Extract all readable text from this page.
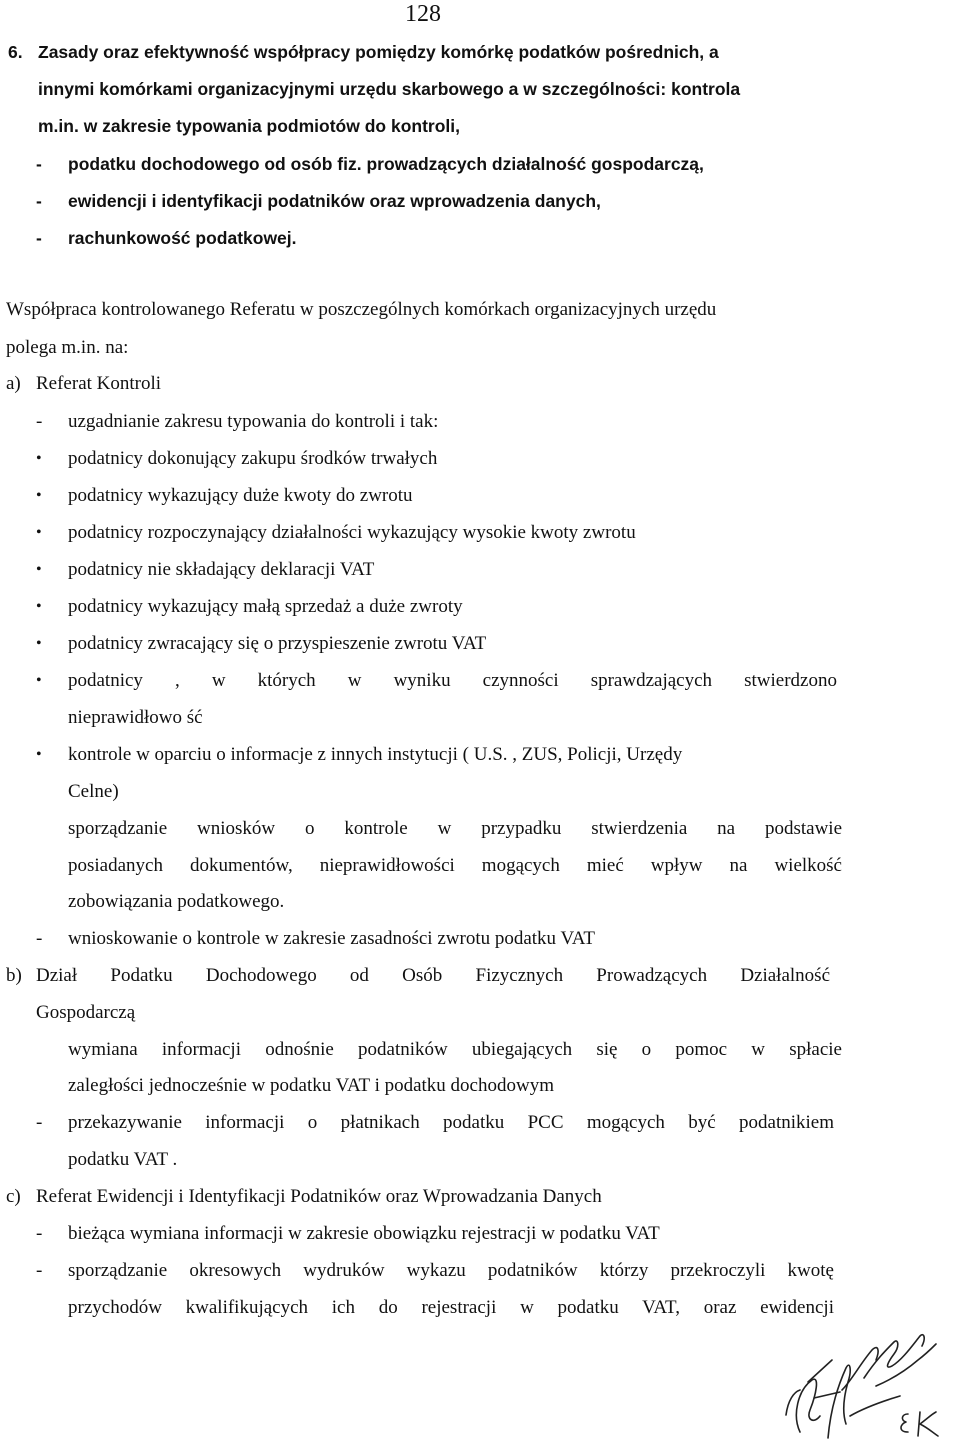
128
6. Zasady oraz efektywność współpracy pomiędzy komórkę podatków pośrednich, a
innymi komórkami organizacyjnymi urzędu skarbowego a w szczególności: kontrola
m.in. w zakresie typowania podmiotów do kontroli,
- podatku dochodowego od osób fiz. prowadzących działalność gospodarczą,
- ewidencji i identyfikacji podatników oraz wprowadzenia danych,
- rachunkowość podatkowej.
Współpraca kontrolowanego Referatu w poszczególnych komórkach organizacyjnych urzędu
polega m.in. na:
a) Referat Kontroli
- uzgadnianie zakresu typowania do kontroli i tak:
• podatnicy dokonujący zakupu środków trwałych
• podatnicy wykazujący duże kwoty do zwrotu
• podatnicy rozpoczynający działalności wykazujący wysokie kwoty zwrotu
• podatnicy nie składający deklaracji VAT
• podatnicy wykazujący małą sprzedaż a duże zwroty
• podatnicy zwracający się o przyspieszenie zwrotu VAT
• podatnicy , w których w wyniku czynności sprawdzających stwierdzono
nieprawidłowo ść
• kontrole w oparciu o informacje z innych instytucji ( U.S. , ZUS, Policji, Urzędy
Celne)
sporządzanie wniosków o kontrole w przypadku stwierdzenia na podstawie
posiadanych dokumentów, nieprawidłowości mogących mieć wpływ na wielkość
zobowiązania podatkowego.
- wnioskowanie o kontrole w zakresie zasadności zwrotu podatku VAT
b) Dział Podatku Dochodowego od Osób Fizycznych Prowadzących Działalność
Gospodarczą
wymiana informacji odnośnie podatników ubiegających się o pomoc w spłacie
zaległości jednocześnie w podatku VAT i podatku dochodowym
- przekazywanie informacji o płatnikach podatku PCC mogących być podatnikiem
podatku VAT .
c) Referat Ewidencji i Identyfikacji Podatników oraz Wprowadzania Danych
- bieżąca wymiana informacji w zakresie obowiązku rejestracji w podatku VAT
- sporządzanie okresowych wydruków wykazu podatników którzy przekroczyli kwotę
przychodów kwalifikujących ich do rejestracji w podatku VAT, oraz ewidencji
